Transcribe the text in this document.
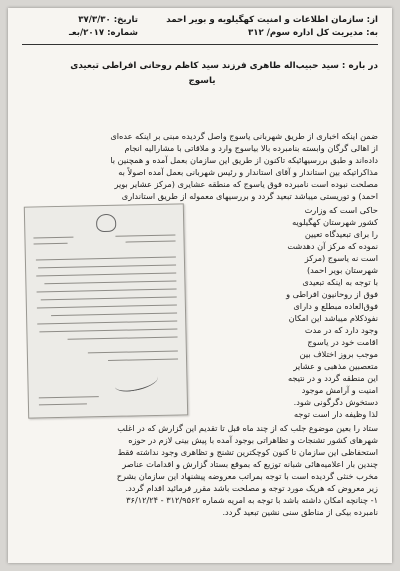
از: سازمان اطلاعات و امنیت کهگیلویه و بویر احمد
به: مدیریت کل اداره سوم/ ۳۱۲
تاریخ: ۳۷/۳/۳۰
شماره: ۲۰۱۷/بعـ
در باره : سید حبیب‌اله طاهری فرزند سید کاظم روحانی افراطی تبعیدی
یاسوج
ضمن اینکه اخباری از طریق شهربانی یاسوج واصل گردیده مبنی بر اینکه عده‌ای
از اهالی گرگان وابسته بنامبرده بالا بیاسوج وارد و ملاقاتی با مشارالیه انجام
داده‌اند و طبق بررسیهائیکه تاکنون از طریق این سازمان بعمل آمده و همچنین با
مذاکراتیکه بین استاندار و آقای استاندار و رئیس شهربانی بعمل آمده اصولاً به
مصلحت نبوده است نامبرده فوق یاسوج که منطقه عشایری (مرکز عشایر بویر
احمد) و توریستی میباشد تبعید گردد و بررسیهای معموله از طریق استانداری
حاکی است که وزارت
کشور شهرستان کهگیلویه
را برای تبعیدگاه تعیین
نموده که مرکز آن دهدشت
است نه یاسوج (مرکز
شهرستان بویر احمد)
با توجه به اینکه تبعیدی
فوق از روحانیون افراطی و
فوق‌العاده مبطلع و دارای
نفوذکلام میباشد این امکان
وجود دارد که در مدت
اقامت خود در یاسوج
موجب بروز اختلاف بین
متعصبین مذهبی و عشایر
این منطقه گردد و در نتیجه
امنیت و آرامش موجود
دستخوش دگرگونی شود.
لذا وظیفه دار است توجه
ستاد را بعین موضوع جلب که از چند ماه قبل تا تقدیم این گزارش که در اغلب
شهرهای کشور تشنجات و تظاهراتی بوجود آمده با پیش بینی لازم در حوزه
استحفاظی این سازمان تا کنون کوچکترین تشنج و تظاهری وجود نداشته فقط
چندین بار اعلامیه‌هائی شبانه توزیع که بموقع بستاد گزارش و اقدامات عناصر
مخرب خنثی گردیده است با توجه بمراتب معروضه پیشنهاد این سازمان بشرح
زیر معروض که هریک مورد توجه و مصلحت باشد مقرر فرمائید اقدام گردد.
۱- چنانچه امکان داشته باشد با توجه به امریه شماره ۳۱۲/۹۵۶۲ - ۳۶/۱۲/۲۴
نامبرده بیکی از مناطق سنی نشین تبعید گردد.
